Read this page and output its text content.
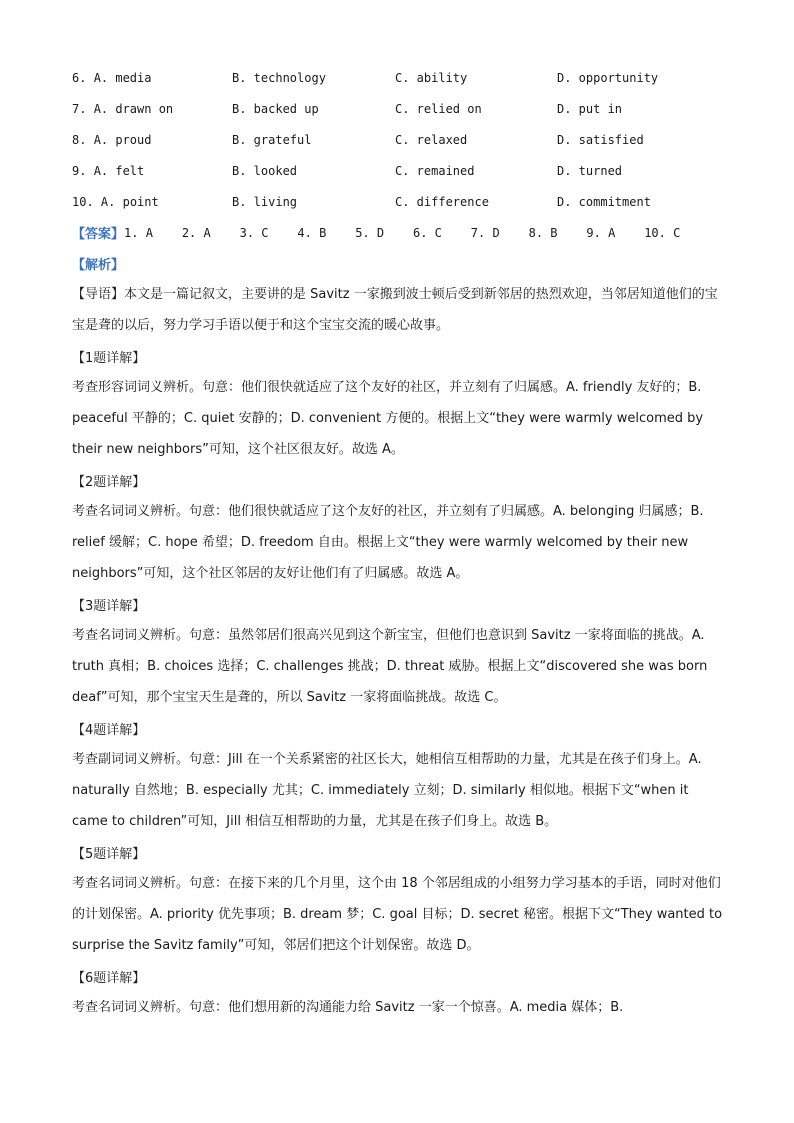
6. A. media	B. technology	C. ability	D. opportunity
7. A. drawn on	B. backed up	C. relied on	D. put in
8. A. proud	B. grateful	C. relaxed	D. satisfied
9. A. felt	B. looked	C. remained	D. turned
10. A. point	B. living	C. difference	D. commitment
【答案】 1. A    2. A    3. C    4. B    5. D    6. C    7. D    8. B    9. A    10. C
【解析】
【导语】本文是一篇记叙文，主要讲的是 Savitz 一家搬到波士顿后受到新邻居的热烈欢迎，当邻居知道他们的宝宝是聋的以后，努力学习手语以便于和这个宝宝交流的暖心故事。
【1题详解】
考查形容词词义辨析。句意：他们很快就适应了这个友好的社区，并立刻有了归属感。A. friendly 友好的；B. peaceful 平静的；C. quiet 安静的；D. convenient 方便的。根据上文“they were warmly welcomed by their new neighbors”可知，这个社区很友好。故选 A。
【2题详解】
考查名词词义辨析。句意：他们很快就适应了这个友好的社区，并立刻有了归属感。A. belonging 归属感；B. relief 缓解；C. hope 希望；D. freedom 自由。根据上文“they were warmly welcomed by their new neighbors”可知，这个社区邻居的友好让他们有了归属感。故选 A。
【3题详解】
考查名词词义辨析。句意：虽然邻居们很高兴见到这个新宝宝，但他们也意识到 Savitz 一家将面临的挑战。A. truth 真相；B. choices 选择；C. challenges 挑战；D. threat 威胁。根据上文“discovered she was born deaf”可知，那个宝宝天生是聋的，所以 Savitz 一家将面临挑战。故选 C。
【4题详解】
考查副词词义辨析。句意：Jill 在一个关系紧密的社区长大，她相信互相帮助的力量，尤其是在孩子们身上。A. naturally 自然地；B. especially 尤其；C. immediately 立刻；D. similarly 相似地。根据下文“when it came to children”可知，Jill 相信互相帮助的力量，尤其是在孩子们身上。故选 B。
【5题详解】
考查名词词义辨析。句意：在接下来的几个月里，这个由 18 个邻居组成的小组努力学习基本的手语，同时对他们的计划保密。A. priority 优先事项；B. dream 梦；C. goal 目标；D. secret 秘密。根据下文“They wanted to surprise the Savitz family”可知，邻居们把这个计划保密。故选 D。
【6题详解】
考查名词词义辨析。句意：他们想用新的沟通能力给 Savitz 一家一个惊喜。A. media 媒体；B.
